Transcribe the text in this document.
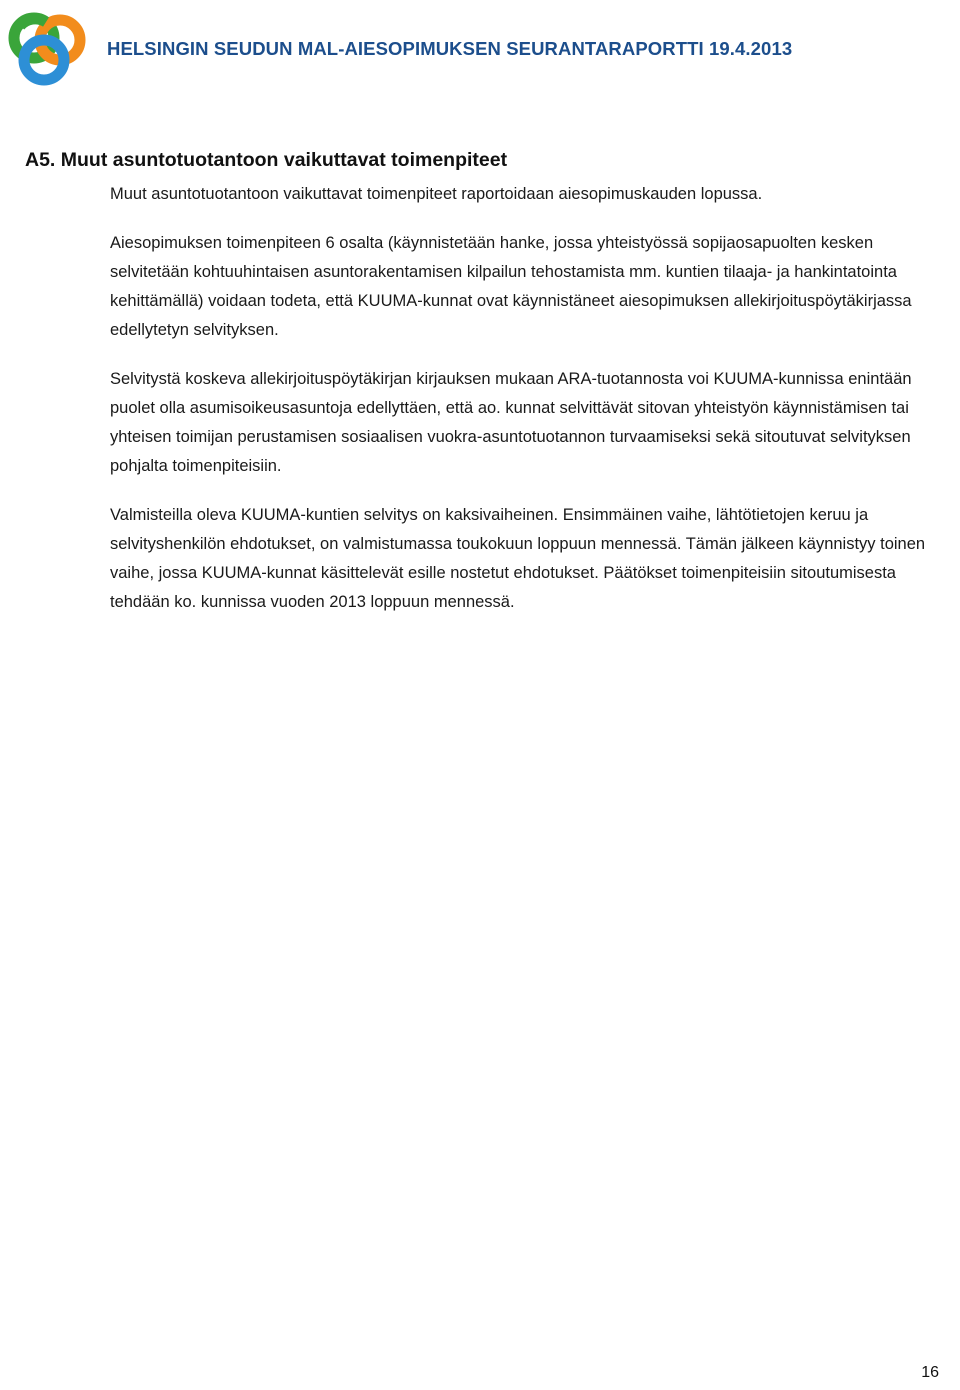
HELSINGIN SEUDUN MAL-AIESOPIMUKSEN SEURANTARAPORTTI 19.4.2013
A5. Muut asuntotuotantoon vaikuttavat toimenpiteet

Muut asuntotuotantoon vaikuttavat toimenpiteet raportoidaan aiesopimuskauden lopussa.

Aiesopimuksen toimenpiteen 6 osalta (käynnistetään hanke, jossa yhteistyössä sopijaosapuolten kesken selvitetään kohtuuhintaisen asuntorakentamisen kilpailun tehostamista mm. kuntien tilaaja- ja hankintatointa kehittämällä) voidaan todeta, että KUUMA-kunnat ovat käynnistäneet aiesopimuksen allekirjoituspöytäkirjassa edellytetyn selvityksen.

Selvitystä koskeva allekirjoituspöytäkirjan kirjauksen mukaan ARA-tuotannosta voi KUUMA-kunnissa enintään puolet olla asumisoikeusasuntoja edellyttäen, että ao. kunnat selvittävät sitovan yhteistyön käynnistämisen tai yhteisen toimijan perustamisen sosiaalisen vuokra-asuntotuotannon turvaamiseksi sekä sitoutuvat selvityksen pohjalta toimenpiteisiin.

Valmisteilla oleva KUUMA-kuntien selvitys on kaksivaiheinen. Ensimmäinen vaihe, lähtötietojen keruu ja selvityshenkilön ehdotukset, on valmistumassa toukokuun loppuun mennessä. Tämän jälkeen käynnistyy toinen vaihe, jossa KUUMA-kunnat käsittelevät esille nostetut ehdotukset. Päätökset toimenpiteisiin sitoutumisesta tehdään ko. kunnissa vuoden 2013 loppuun mennessä.

16
